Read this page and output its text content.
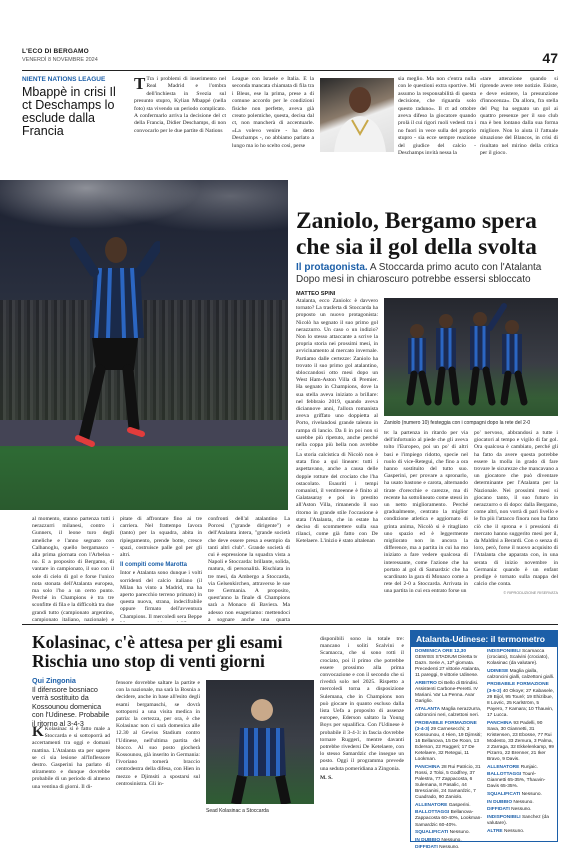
L'ECO DI BERGAMO
VENERDÌ 8 NOVEMBRE 2024	47
NIENTE NATIONS LEAGUE
Mbappè in crisi Il ct Deschamps lo esclude dalla Francia
T Tra i problemi di inserimento nel Real Madrid e l'ombra dell'inchiesta in Svezia sul presunto stupro, Kylian Mbappé (nella foto) sta vivendo un periodo complicato. A confermarlo arriva la decisione del ct della Francia, Didier Deschamps, di non convocarlo per le due partite di Nations
League con Israele e Italia. È la seconda mancata chiamata di fila tra i Bleus, ese la prima, prese a di comune accordo per le condizioni fisiche non perfette, aveva già creato polemiche, questa, decisa dal ct, non mancherà di accentuarle. «La volevo venire - ha detto Deschamps -, no abbiamo parlato a lungo ma io ho scelto così, perse
sia meglio. Ma non c'entra nulla con le questioni extra sportive. Mi assumo la responsabilità di questa decisione, che riguarda solo questo raduno». Il ct ad ottobre aveva difeso la giocatore quando prolà il cui rigori ruoli vedesti tra i no fuori in vece sulla del proprio stupro - sia ecce sempre reazione del giudice del calcio - Deschamps invità nessa la
«tare attenzione quando si riprende avere rete notizie. Esiste, e deve esistere, la presunzione d'innocenza». Da allora, fra stella del Psg ha segnato un gol ai quattro presenze per il suo club ma è ben lontano dalla sua forma migliore. Non lo aiuta il l'attuale situazione del Blancos, in crisi di risultato nel mirino della critica per il gioco.
Zaniolo, Bergamo spera che sia il gol della svolta
Il protagonista. A Stoccarda primo acuto con l'Atalanta Dopo mesi in chiaroscuro potrebbe essersi sbloccato
MATTEO SPINI
Atalanta, ecco Zaniolo: è davvero tornato? La trasferta di Stoccarda ha proposto un nuovo protagonista: Nicolò ha segnato il suo primo gol nerazzurro. Un caso o un indizio? Non lo stesso attaccante a scrive la propria storia nei prossimi mesi, in avvicinamento al mercato invernale. Partiamo dalle certezze: Zaniolo ha trovato il suo primo gol atalantino, sbloccandosi otto mesi dopo un West Ham-Aston Villa di Premier. Ha segnato in Champions, dove la sua stella aveva iniziato a brillare: nel febbraio 2019, quando aveva diciannove anni, l'allora romanista aveva griffato uno doppietta al Porto, rivelandosi grande talento in rampa di lancio. Da lì in poi non si sarebbe più ripetuto, anche perché nella coppa più bella non avrebbe
Zaniolo (numero 10) festeggia con i compagni dopo la rete del 2-0
La storia calcistica di Nicolò non è stata fino a qui lineare: tutti i aspettavano, anche a causa delle doppie rotture del crociato che l'ha ostacolato. Esauriti i tempi romanisti, il ventitreenne è finito al Galatasaray e poi in prestito all'Aston Villa, rimanendo il suo ritorno in grande stile l'occasione è stata l'Atalanta, che in estate ha deciso di scommettere sulla sua rilanci, come già fatto con De Ketelaere. L'inizio è stato altalenan
te: la partenza in ritardo per via dell'infortunio al piede che gli aveva tolto l'Europeo, poi un po' di altri basi e l'impiego ridotto, specie nel ruolo di vice-Retegui, che fino a ora hanno sostituito del tutto suo. Gasperini, per provare a spronarlo, ha usato bastone e carota, alternando tirate d'orecchie e carezze, ma di recente ha sottolineato come stessi in un netto miglioramento. Perché gradualmente, centrato la miglior condizione atletica e aggiornato di grinta anima, Nicolò si è ritagliato uno spazio ed è leggermente migliorato non in ancora la difference, ma a partita in cui ha mo iniziato a fare vedere qualcosa di interessante, come l'azione che ha portato al gol di Samardzic che ha scardinato la gara di Monaco come a rete del 2-0 a Stoccarda. Arrivata in una partita in cui era entrato forse un
po' nervoso, abbrandosi a tutte i giocatori al tempo e vigilo di far gol. Ora qualcosa è cambiato, perché gli ha fatto da avere questa potrebbe essere la molla in grado di fare trovare le sicurezze che mancavano a un giocatore che può diventare determinante per l'Atalanta per la Nazionale. Nei prossimi mesi si giocano tanto, il suo futuro in nerazzurro o di dopo: dalla Bergamo, come altri, non vorrà di pari livello e le fra più l'attacco finora non ha fatto ciò che il sprona e i pressioni di mercato hanno suggerito mesi per il, da Maldini a Berardi. Con o senza di loro, però, forse il nuovo acquisito di l'Atalanta che apparata con, in una serata di inizio novembre in Germania: quando è un enfant prodige è tornato sulla mappa del calcio che conta.
© RIPRODUZIONE RISERVATA
al momento, stanno partenza tutti i nerazzurri milanesi, contro i Gunners, il leone turo degli ameliche e l'anno segnato con Calhanoglu, quello bergamasco - alla prima giornata con l'Arbeloa - no. E a proposito di Bergamo, di vantare in campionato, il suo con il sole di cielo di gol e forse l'unico nota stonata dell'Atalanta europea, ma solo l'ho a un certo punto. Perché in Champions è tra tre sconfitte di fila e la difficoltà tra due grandi tutto (campionato argentino, campionato italiano, nazionale) e
pitate di affrontare fino ai tre carriera. Nel frattempo Iavora (tanto) per la squadra, abita in ripiegamento, prende botte, cresce spazi, costruisce palle gol per gli altri.
Il compiti come Marotta
Intor e Atalanta sono dunque i volti sorridenti del calcio italiano (il Milan ha vinto a Madrid, ma ha aperto parecchio terreno primato) in questa nuova, strana, indecifrabile oppure firmato dell'avventura Champions. Il mercoledì sera Beppe
confronti dell'al atalantino La Porcesi ("grande dirigente") e dell'Atalanta intera, "grande società che deve essere presa a esempio da tanti altri club". Grande società di cui è espressione la squadra vista a Napoli e Stoccarda: brillante, solida, matura, di personalità. Rischiata in tre mesi, da Ambergo a Stoccarda, via Gelsenkirchen, attraverso le sue tre Germania. A proposito, quest'anno la finale di Champions sarà a Monaco di Baviera. Ma adesso non esageriamo: mettendoci a sognare anche una quarta
Kolasinac, c'è attesa per gli esami Rischia uno stop di venti giorni
Qui Zingonia
Il difensore bosniaco verrà sostituito da Kossounou domenica con l'Udinese. Probabile il ritorno al 3-4-3
K Kolasinac si è fatto male a Stoccarda e si sottoporrà ad accertamenti tra oggi e domani mattina. L'Atalanta sta per sapere se ci sia lesione all'Inflessore destro. Gasperini ha parlato di stiramento e dunque dovrebbe probabile di un periodo di almeno una ventina di giorni. Il di-
fensore dovrebbe saltare la partite e con la nazionale, ma sarà la Bosnia a decidere, anche in base all'esito degli esami bergamaschi, se dovrà sottoporsi a una visita medica in patria: la certezza, per ora, è che Kolasinac non ci sarà domenica alle 12.30 al Gewiss Stadium contro l'Udinese, nell'ultima partita del blocco. Al suo posto giocherà Kossounou, già inserito in Germania: l'ivoriano tornerà braccio centrodestra della difesa, con Hien in mezzo e Djimsiti a spostarsi sul centrosinistra. Gli in-
Sead Kolasinac a Stoccarda
disponibili sono in totale tre: mancano i soliti Scalvini e Scamacca, che si sono rotti il crociato, poi il primo che potrebbe essere prossimo alla prima convocazione e con il secondo che si rivedrà solo nel 2025. Rispetto a mercoledì torna a disposizione Sulemana, che in Champions non può giocare in quanto escluso dalla lista Uefa a proposito di assenze europee, Ederson saltato la Young Boys per squalifica. Con l'Udinese è probabile il 3-4-3: in fascia dovrebbe tornare Ruggeri, mentre davanti potrebbe rivedersi De Ketelaere, con lo stesso Samardzic che insegue un posto. Oggi il programma prevede una seduta pomeridiana a Zingonia.
M. S.
Atalanta-Udinese: il termometro
DOMENICA ORE 12,30 GEWISS STADIUM Diretta tv Dazn. Serie A, 12ª giornata. Precedenti 27 vittorie Atalanta, 11 pareggi, 9 vittorie Udinese.
ARBITRO Di Bello di Brindisi. Assistenti Carbone-Peretti. IV Mariani. Var La Penna. Avar Gariglio.
ATALANTA Maglia nerazzurra, calzoncini neri, calzettoni neri.
PROBABILE FORMAZIONE (3-4-3) 29 Carnesecchi; 3 Kossounou, 4 Hien, 19 Djimsiti; 16 Bellanova, 15 De Roon, 13 Ederson, 22 Ruggeri; 17 De Ketelaere, 32 Retegui, 11 Lookman.
PANCHINA 28 Rui Patricio, 31 Rossi, 2 Toloi, 5 Godfrey, 37 Palestra, 77 Zappacosta, 6 Sulemana, 8 Pasalic, 44 Brescianini, 24 Samardzic, 7 Cuadrado, 90 Zaniolo.
ALLENATORE Gasperini.
BALLOTTAGGI Bellanova-Zappacosta 60-40%, Lookman-Samardzic 60-40%.
SQUALIFICATI Nessuno.
IN DUBBIO Nessuno.
DIFFIDATI Nessuno.
INDISPONIBILI Scamacca (crociato), Scalvini (crociato), Kolasinac (da valutare).
UDINESE Maglia gialla, calzoncini gialli, calzettoni gialli.
PROBABILE FORMAZIONE (3-5-2) 40 Okoye; 27 Kabasele, 29 Bijol, 95 Touré; 19 Ehizibue, 8 Lovric, 25 Karlström, 5 Payero, 7 Kamara; 10 Thauvin, 17 Lucca.
PANCHINA 93 Padelli, 90 Sava, 30 Giannetti, 31 Kristensen, 23 Ebosse, 77 Rui Modesto, 33 Zemura, 3 Palma, 2 Zarraga, 32 Ekkelenkamp, 99 Pizarro, 22 Brenner, 21 Iker Bravo, 9 Davis.
ALLENATORE Runjaic.
BALLOTTAGGI Touré-Giannetti 65-35%, Thauvin-Davis 65-35%.
SQUALIFICATI Nessuno.
IN DUBBIO Nessuno.
DIFFIDATI Nessuno.
INDISPONIBILI Sanchez (da valutare).
ALTRE Nessuno.
